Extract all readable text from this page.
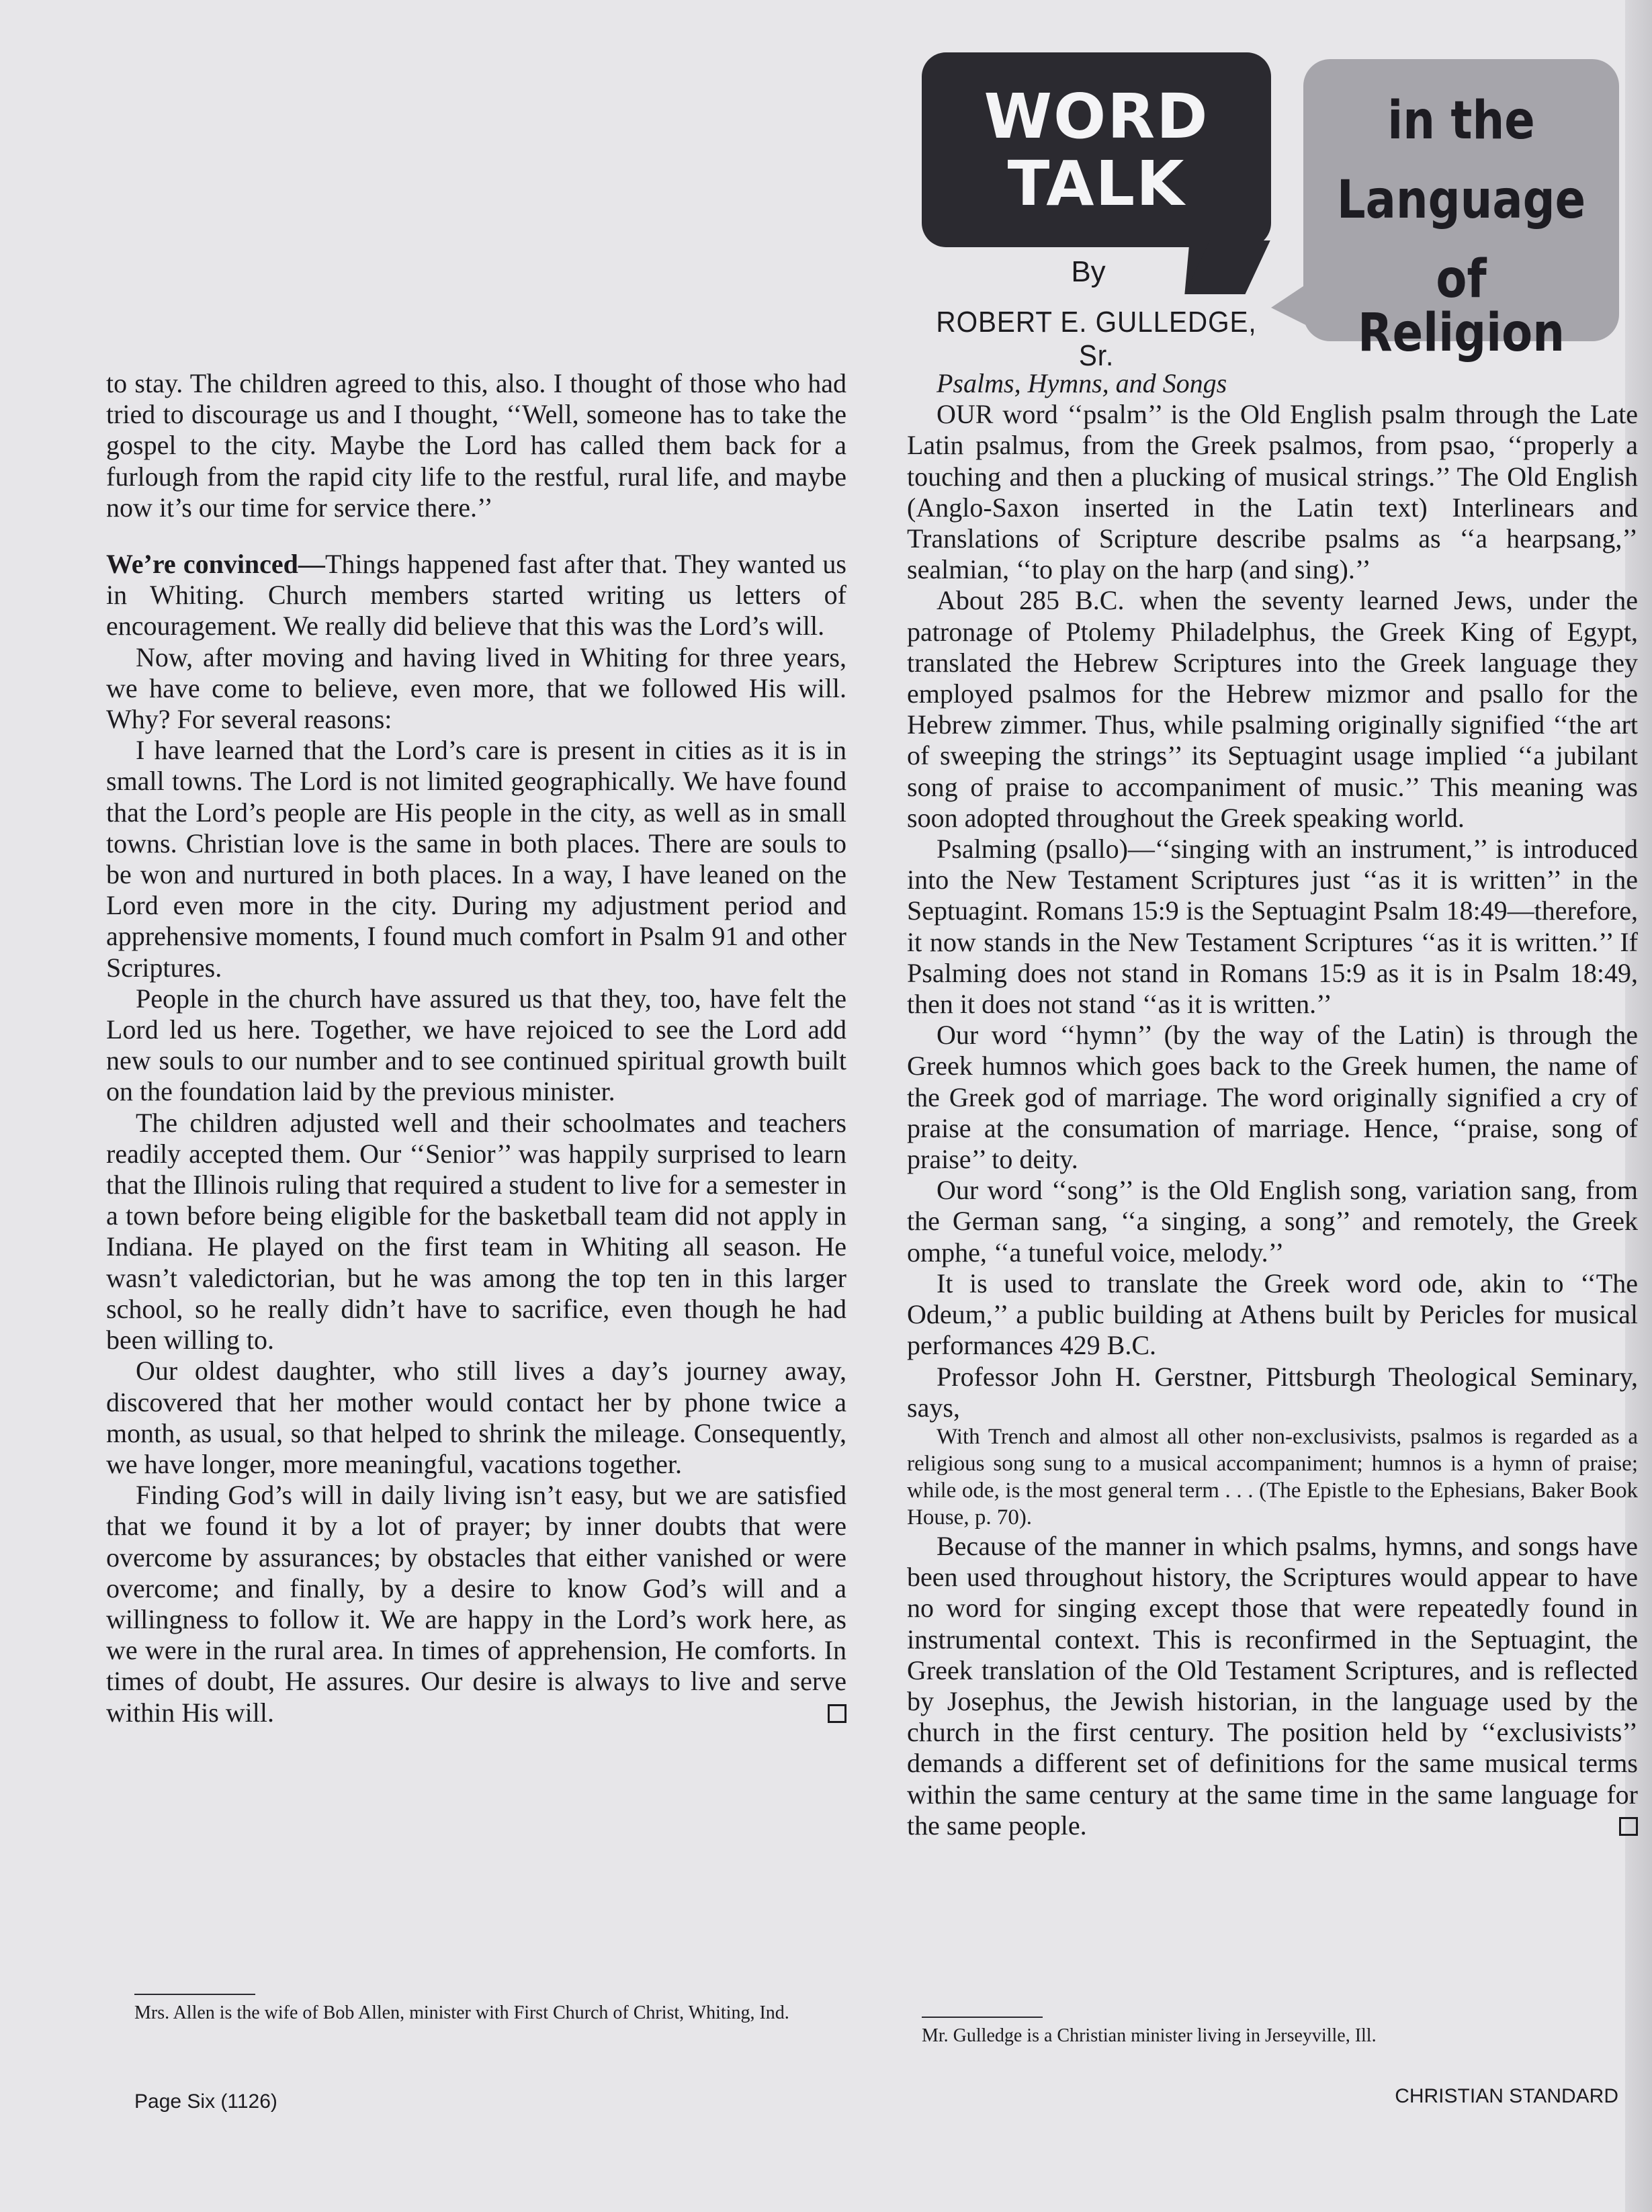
WORD
TALK
By
ROBERT E. GULLEDGE, Sr.
in the
Language
of Religion

to stay. The children agreed to this, also. I thought of those who had tried to discourage us and I thought, ‘‘Well, someone has to take the gospel to the city. Maybe the Lord has called them back for a furlough from the rapid city life to the restful, rural life, and maybe now it’s our time for service there.’’

We’re convinced—Things happened fast after that. They wanted us in Whiting. Church members started writing us letters of encouragement. We really did believe that this was the Lord’s will.

Now, after moving and having lived in Whiting for three years, we have come to believe, even more, that we followed His will. Why? For several reasons:

I have learned that the Lord’s care is present in cities as it is in small towns. The Lord is not limited geographically. We have found that the Lord’s people are His people in the city, as well as in small towns. Christian love is the same in both places. There are souls to be won and nurtured in both places. In a way, I have leaned on the Lord even more in the city. During my adjustment period and apprehensive moments, I found much comfort in Psalm 91 and other Scriptures.

People in the church have assured us that they, too, have felt the Lord led us here. Together, we have rejoiced to see the Lord add new souls to our number and to see continued spiritual growth built on the foundation laid by the previous minister.

The children adjusted well and their schoolmates and teachers readily accepted them. Our ‘‘Senior’’ was happily surprised to learn that the Illinois ruling that required a student to live for a semester in a town before being eligible for the basketball team did not apply in Indiana. He played on the first team in Whiting all season. He wasn’t valedictorian, but he was among the top ten in this larger school, so he really didn’t have to sacrifice, even though he had been willing to.

Our oldest daughter, who still lives a day’s journey away, discovered that her mother would contact her by phone twice a month, as usual, so that helped to shrink the mileage. Consequently, we have longer, more meaningful, vacations together.

Finding God’s will in daily living isn’t easy, but we are satisfied that we found it by a lot of prayer; by inner doubts that were overcome by assurances; by obstacles that either vanished or were overcome; and finally, by a desire to know God’s will and a willingness to follow it. We are happy in the Lord’s work here, as we were in the rural area. In times of apprehension, He comforts. In times of doubt, He assures. Our desire is always to live and serve within His will.

Mrs. Allen is the wife of Bob Allen, minister with First Church of Christ, Whiting, Ind.

Psalms, Hymns, and Songs

OUR word ‘‘psalm’’ is the Old English psalm through the Late Latin psalmus, from the Greek psalmos, from psao, ‘‘properly a touching and then a plucking of musical strings.’’ The Old English (Anglo-Saxon inserted in the Latin text) Interlinears and Translations of Scripture describe psalms as ‘‘a hearpsang,’’ sealmian, ‘‘to play on the harp (and sing).’’

About 285 B.C. when the seventy learned Jews, under the patronage of Ptolemy Philadelphus, the Greek King of Egypt, translated the Hebrew Scriptures into the Greek language they employed psalmos for the Hebrew mizmor and psallo for the Hebrew zimmer. Thus, while psalming originally signified ‘‘the art of sweeping the strings’’ its Septuagint usage implied ‘‘a jubilant song of praise to accompaniment of music.’’ This meaning was soon adopted throughout the Greek speaking world.

Psalming (psallo)—‘‘singing with an instrument,’’ is introduced into the New Testament Scriptures just ‘‘as it is written’’ in the Septuagint. Romans 15:9 is the Septuagint Psalm 18:49—therefore, it now stands in the New Testament Scriptures ‘‘as it is written.’’ If Psalming does not stand in Romans 15:9 as it is in Psalm 18:49, then it does not stand ‘‘as it is written.’’

Our word ‘‘hymn’’ (by the way of the Latin) is through the Greek humnos which goes back to the Greek humen, the name of the Greek god of marriage. The word originally signified a cry of praise at the consumation of marriage. Hence, ‘‘praise, song of praise’’ to deity.

Our word ‘‘song’’ is the Old English song, variation sang, from the German sang, ‘‘a singing, a song’’ and remotely, the Greek omphe, ‘‘a tuneful voice, melody.’’

It is used to translate the Greek word ode, akin to ‘‘The Odeum,’’ a public building at Athens built by Pericles for musical performances 429 B.C.

Professor John H. Gerstner, Pittsburgh Theological Seminary, says,

With Trench and almost all other non-exclusivists, psalmos is regarded as a religious song sung to a musical accompaniment; humnos is a hymn of praise; while ode, is the most general term . . . (The Epistle to the Ephesians, Baker Book House, p. 70).

Because of the manner in which psalms, hymns, and songs have been used throughout history, the Scriptures would appear to have no word for singing except those that were repeatedly found in instrumental context. This is reconfirmed in the Septuagint, the Greek translation of the Old Testament Scriptures, and is reflected by Josephus, the Jewish historian, in the language used by the church in the first century. The position held by ‘‘exclusivists’’ demands a different set of definitions for the same musical terms within the same century at the same time in the same language for the same people.

Mr. Gulledge is a Christian minister living in Jerseyville, Ill.
Page Six (1126)	CHRISTIAN STANDARD
